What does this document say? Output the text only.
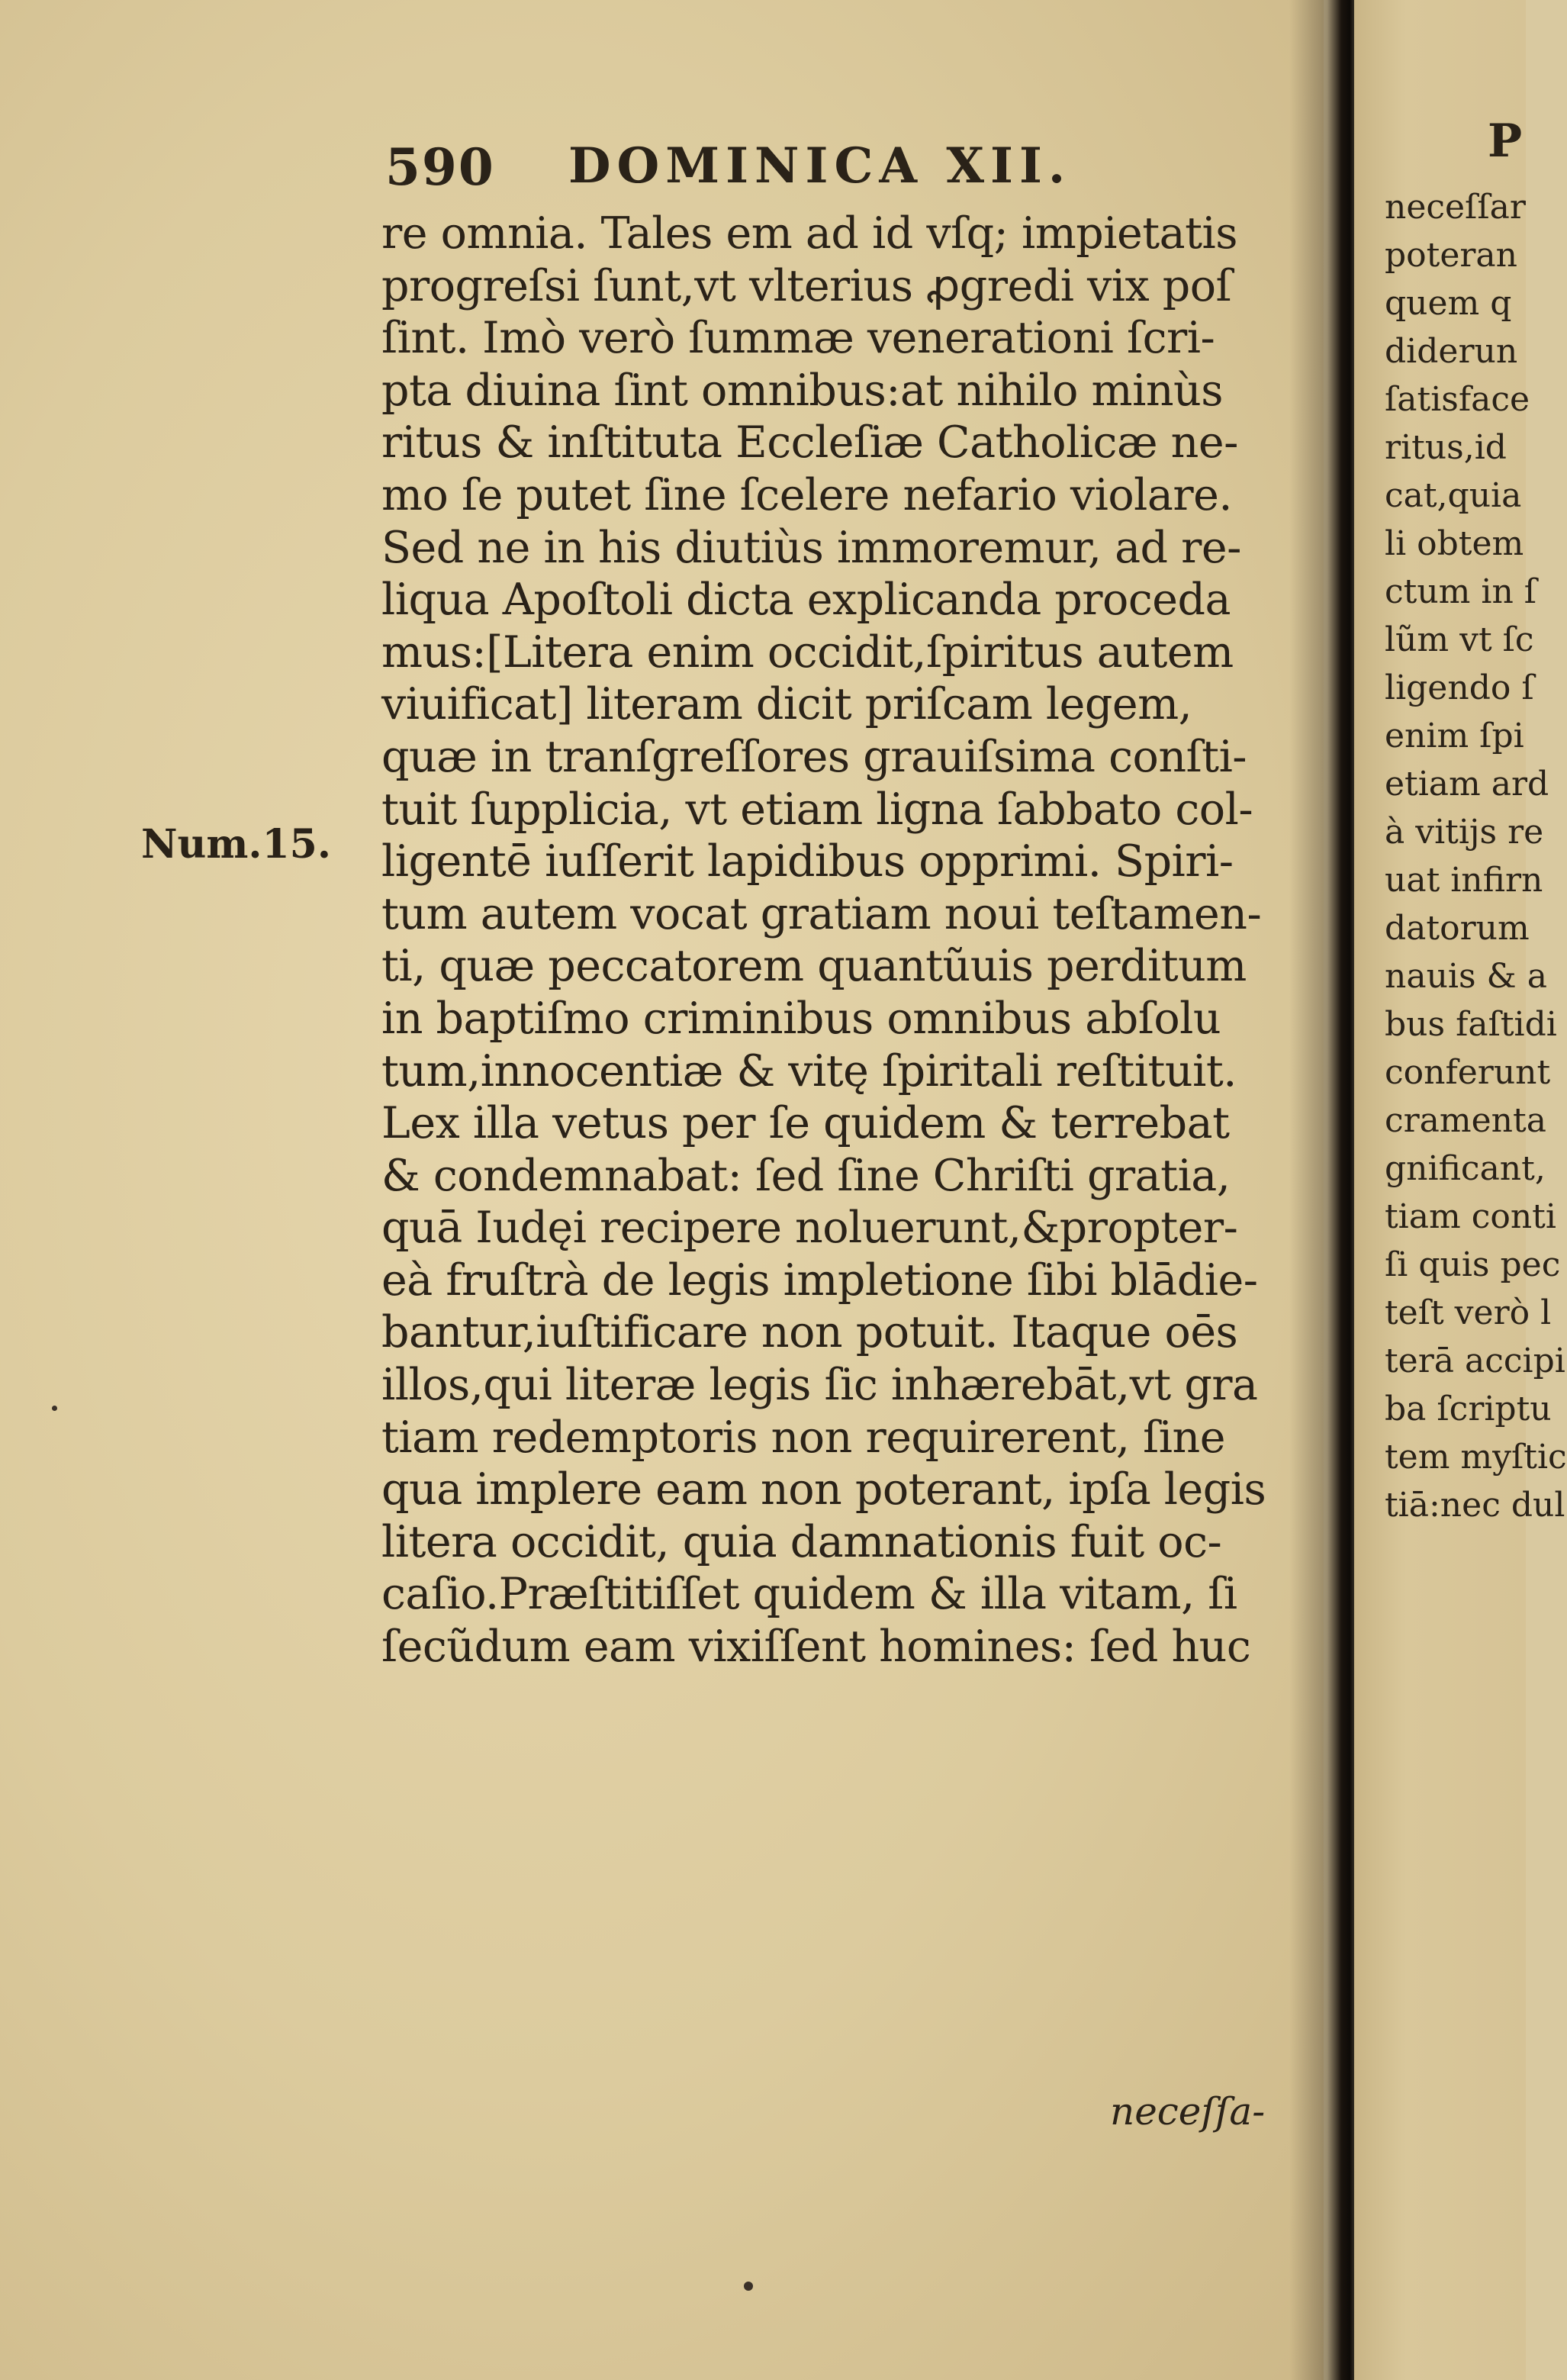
590 DOMINICA XII.
Num.15.
re omnia. Tales em ad id vſq; impietatis
progreſsi ſunt,vt vlterius ꝓgredi vix poſ
ſint. Imò verò ſummæ venerationi ſcri-
pta diuina ſint omnibus:at nihilo minùs
ritus & inſtituta Eccleſiæ Catholicæ ne-
mo ſe putet ſine ſcelere nefario violare.
Sed ne in his diutiùs immoremur, ad re-
liqua Apoſtoli dicta explicanda proceda
mus:[Litera enim occidit,ſpiritus autem
viuificat] literam dicit priſcam legem,
quæ in tranſgreſſores grauiſsima conſti-
tuit ſupplicia, vt etiam ligna ſabbato col-
ligentē iuſſerit lapidibus opprimi. Spiri-
tum autem vocat gratiam noui teſtamen-
ti, quæ peccatorem quantũuis perditum
in baptiſmo criminibus omnibus abſolu
tum,innocentiæ & vitę ſpiritali reſtituit.
Lex illa vetus per ſe quidem & terrebat
& condemnabat: ſed ſine Chriſti gratia,
quā Iudęi recipere noluerunt,&propter-
eà fruſtrà de legis impletione ſibi blādie-
bantur,iuſtificare non potuit. Itaque oēs
illos,qui literæ legis ſic inhærebāt,vt gra
tiam redemptoris non requirerent, ſine
qua implere eam non poterant, ipſa legis
litera occidit, quia damnationis fuit oc-
caſio.Præſtitiſſet quidem & illa vitam, ſi
ſecũdum eam vixiſſent homines: ſed huc
neceſſa-
P
neceſſar
poteran
quem q
diderun
ſatisface
ritus,id
cat,quia
li obtem
ctum in ſ
lũm vt ſc
ligendo ſ
enim ſpi
etiam ard
à vitijs re
uat infirn
datorum
nauis & a
bus faſtidi
conferunt
cramenta
gnificant,
tiam conti
ſi quis pec
teſt verò l
terā accipi
ba ſcriptu
tem myſtic
tiā:nec dul
